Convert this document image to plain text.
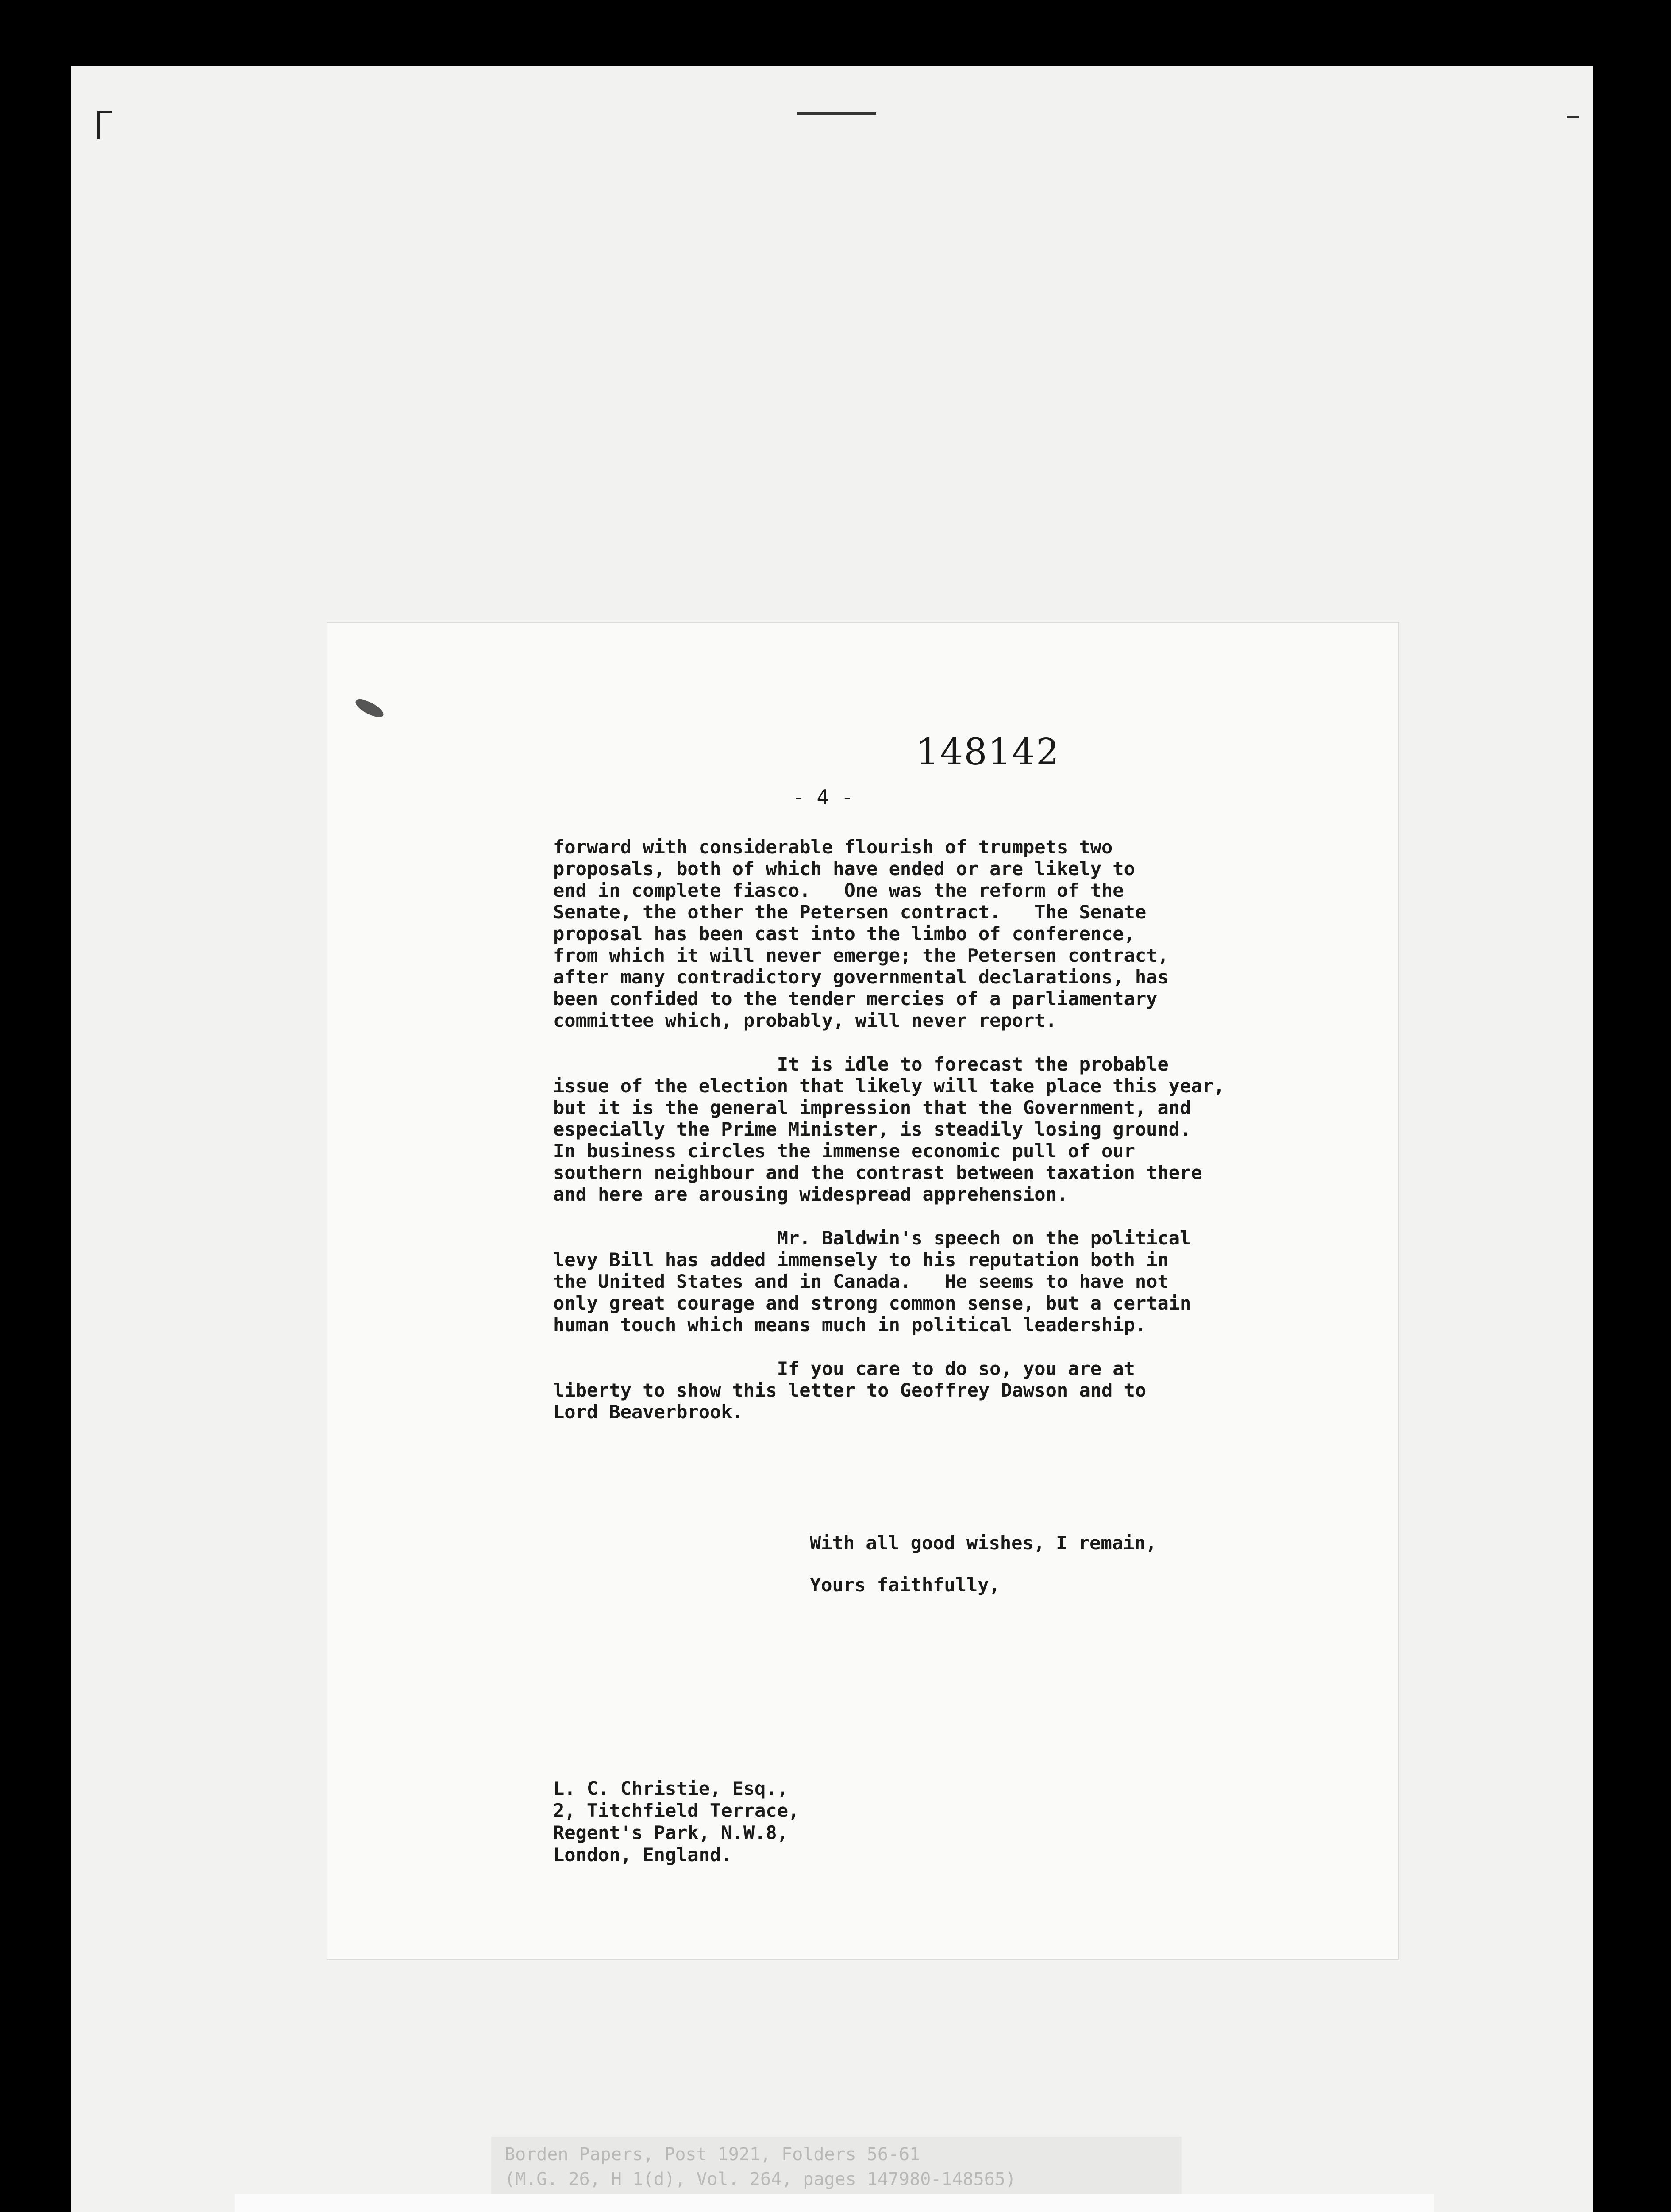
148142
- 4 -
forward with considerable flourish of trumpets two
proposals, both of which have ended or are likely to
end in complete fiasco.   One was the reform of the
Senate, the other the Petersen contract.   The Senate
proposal has been cast into the limbo of conference,
from which it will never emerge; the Petersen contract,
after many contradictory governmental declarations, has
been confided to the tender mercies of a parliamentary
committee which, probably, will never report.
It is idle to forecast the probable
issue of the election that likely will take place this year,
but it is the general impression that the Government, and
especially the Prime Minister, is steadily losing ground.
In business circles the immense economic pull of our
southern neighbour and the contrast between taxation there
and here are arousing widespread apprehension.
Mr. Baldwin's speech on the political
levy Bill has added immensely to his reputation both in
the United States and in Canada.   He seems to have not
only great courage and strong common sense, but a certain
human touch which means much in political leadership.
If you care to do so, you are at
liberty to show this letter to Geoffrey Dawson and to
Lord Beaverbrook.
With all good wishes, I remain,
Yours faithfully,
L. C. Christie, Esq.,
2, Titchfield Terrace,
Regent's Park, N.W.8,
London, England.
Borden Papers, Post 1921, Folders 56-61
(M.G. 26, H 1(d), Vol. 264, pages 147980-148565)
